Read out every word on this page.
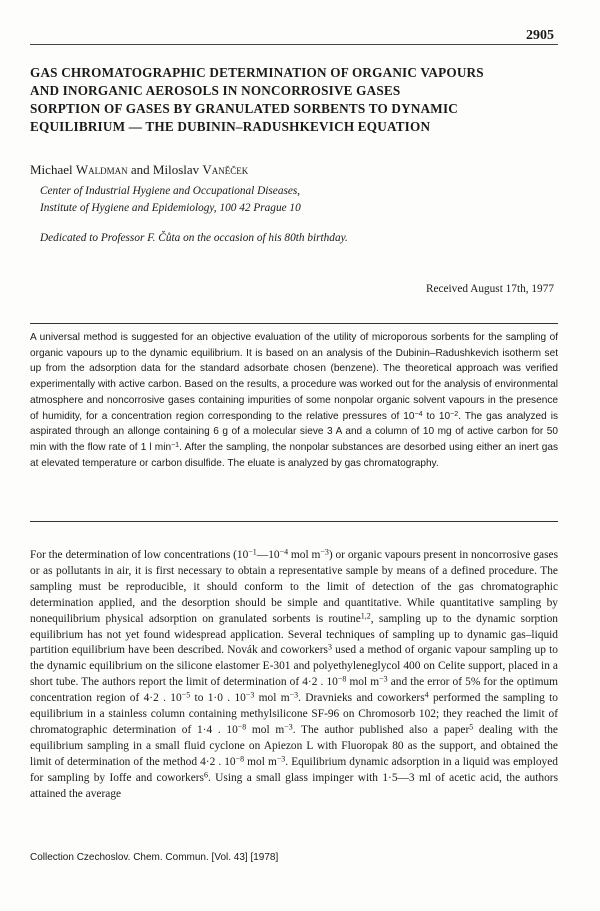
2905
GAS CHROMATOGRAPHIC DETERMINATION OF ORGANIC VAPOURS
AND INORGANIC AEROSOLS IN NONCORROSIVE GASES
SORPTION OF GASES BY GRANULATED SORBENTS TO DYNAMIC
EQUILIBRIUM — THE DUBININ–RADUSHKEVICH EQUATION
Michael Waldman and Miloslav Vaněček
Center of Industrial Hygiene and Occupational Diseases,
Institute of Hygiene and Epidemiology, 100 42 Prague 10
Dedicated to Professor F. Čůta on the occasion of his 80th birthday.
Received August 17th, 1977

A universal method is suggested for an objective evaluation of the utility of microporous sorbents for the sampling of organic vapours up to the dynamic equilibrium. It is based on an analysis of the Dubinin–Radushkevich isotherm set up from the adsorption data for the standard adsorbate chosen (benzene). The theoretical approach was verified experimentally with active carbon. Based on the results, a procedure was worked out for the analysis of environmental atmosphere and noncorrosive gases containing impurities of some nonpolar organic solvent vapours in the presence of humidity, for a concentration region corresponding to the relative pressures of $10^{-4}$ to $10^{-2}$. The gas analyzed is aspirated through an allonge containing 6 g of a molecular sieve 3 A and a column of 10 mg of active carbon for 50 min with the flow rate of 1 l $\min^{-1}$. After the sampling, the nonpolar substances are desorbed using either an inert gas at elevated temperature or carbon disulfide. The eluate is analyzed by gas chromatography.

For the determination of low concentrations ($10^{-1}—10^{-4}$ mol $m^{-3}$) or organic vapours present in noncorrosive gases or as pollutants in air, it is first necessary to obtain a representative sample by means of a defined procedure. The sampling must be reproducible, it should conform to the limit of detection of the gas chromatographic determination applied, and the desorption should be simple and quantitative. While quantitative sampling by nonequilibrium physical adsorption on granulated sorbents is routine$^{1,2}$, sampling up to the dynamic sorption equilibrium has not yet found widespread application. Several techniques of sampling up to dynamic gas–liquid partition equilibrium have been described. Novák and coworkers$^3$ used a method of organic vapour sampling up to the dynamic equilibrium on the silicone elastomer E-301 and polyethyleneglycol 400 on Celite support, placed in a short tube. The authors report the limit of determination of 4·2 . $10^{-8}$ mol $m^{-3}$ and the error of 5% for the optimum concentration region of 4·2 . $10^{-5}$ to 1·0 . $10^{-3}$ mol $m^{-3}$. Dravnieks and coworkers$^4$ performed the sampling to equilibrium in a stainless column containing methylsilicone SF-96 on Chromosorb 102; they reached the limit of chromatographic determination of 1·4 . $10^{-8}$ mol $m^{-3}$. The author published also a paper$^5$ dealing with the equilibrium sampling in a small fluid cyclone on Apiezon L with Fluoropak 80 as the support, and obtained the limit of determination of the method 4·2 . $10^{-8}$ mol $m^{-3}$. Equilibrium dynamic adsorption in a liquid was employed for sampling by Ioffe and coworkers$^6$. Using a small glass impinger with 1·5—3 ml of acetic acid, the authors attained the average

Collection Czechoslov. Chem. Commun. [Vol. 43] [1978]
